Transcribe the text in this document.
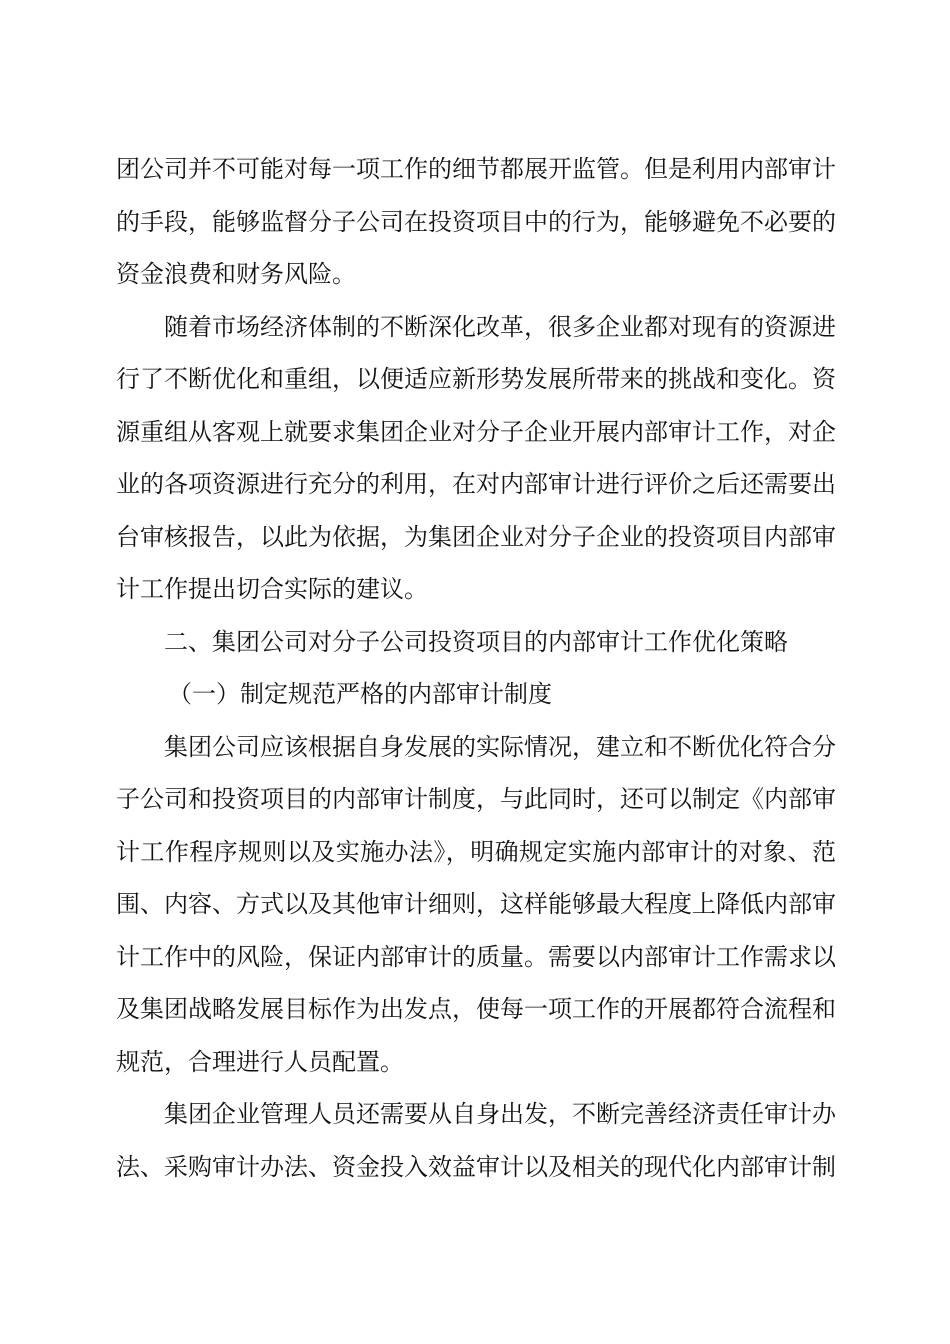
团公司并不可能对每一项工作的细节都展开监管。但是利用内部审计的手段，能够监督分子公司在投资项目中的行为，能够避免不必要的资金浪费和财务风险。

随着市场经济体制的不断深化改革，很多企业都对现有的资源进行了不断优化和重组，以便适应新形势发展所带来的挑战和变化。资源重组从客观上就要求集团企业对分子企业开展内部审计工作，对企业的各项资源进行充分的利用，在对内部审计进行评价之后还需要出台审核报告，以此为依据，为集团企业对分子企业的投资项目内部审计工作提出切合实际的建议。

二、集团公司对分子公司投资项目的内部审计工作优化策略

（一）制定规范严格的内部审计制度

集团公司应该根据自身发展的实际情况，建立和不断优化符合分子公司和投资项目的内部审计制度，与此同时，还可以制定《内部审计工作程序规则以及实施办法》，明确规定实施内部审计的对象、范围、内容、方式以及其他审计细则，这样能够最大程度上降低内部审计工作中的风险，保证内部审计的质量。需要以内部审计工作需求以及集团战略发展目标作为出发点，使每一项工作的开展都符合流程和规范，合理进行人员配置。

集团企业管理人员还需要从自身出发，不断完善经济责任审计办法、采购审计办法、资金投入效益审计以及相关的现代化内部审计制
